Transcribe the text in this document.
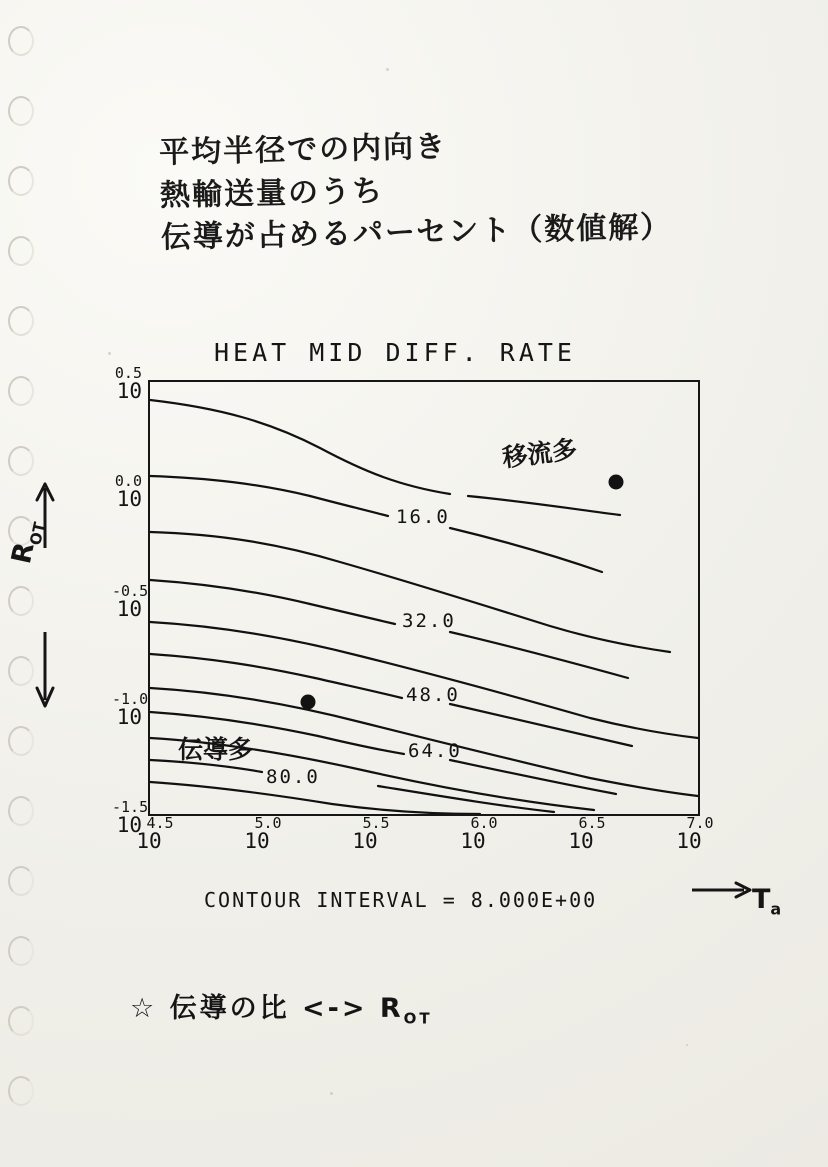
平均半径での内向き
熱輸送量のうち
伝導が占めるパーセント（数値解）
HEAT MID DIFF. RATE
16.0
32.0
48.0
64.0
80.0
移流多
伝導多
0.5
10
0.0
10
-0.5
10
-1.0
10
-1.5
10 4.5
10
5.0
10
5.5
10
6.0
10
6.5
10
7.0
10
CONTOUR INTERVAL = 8.000E+00
$R_{OT}$
$T_a$
☆ 伝導の比 <-> $R_{OT}$
